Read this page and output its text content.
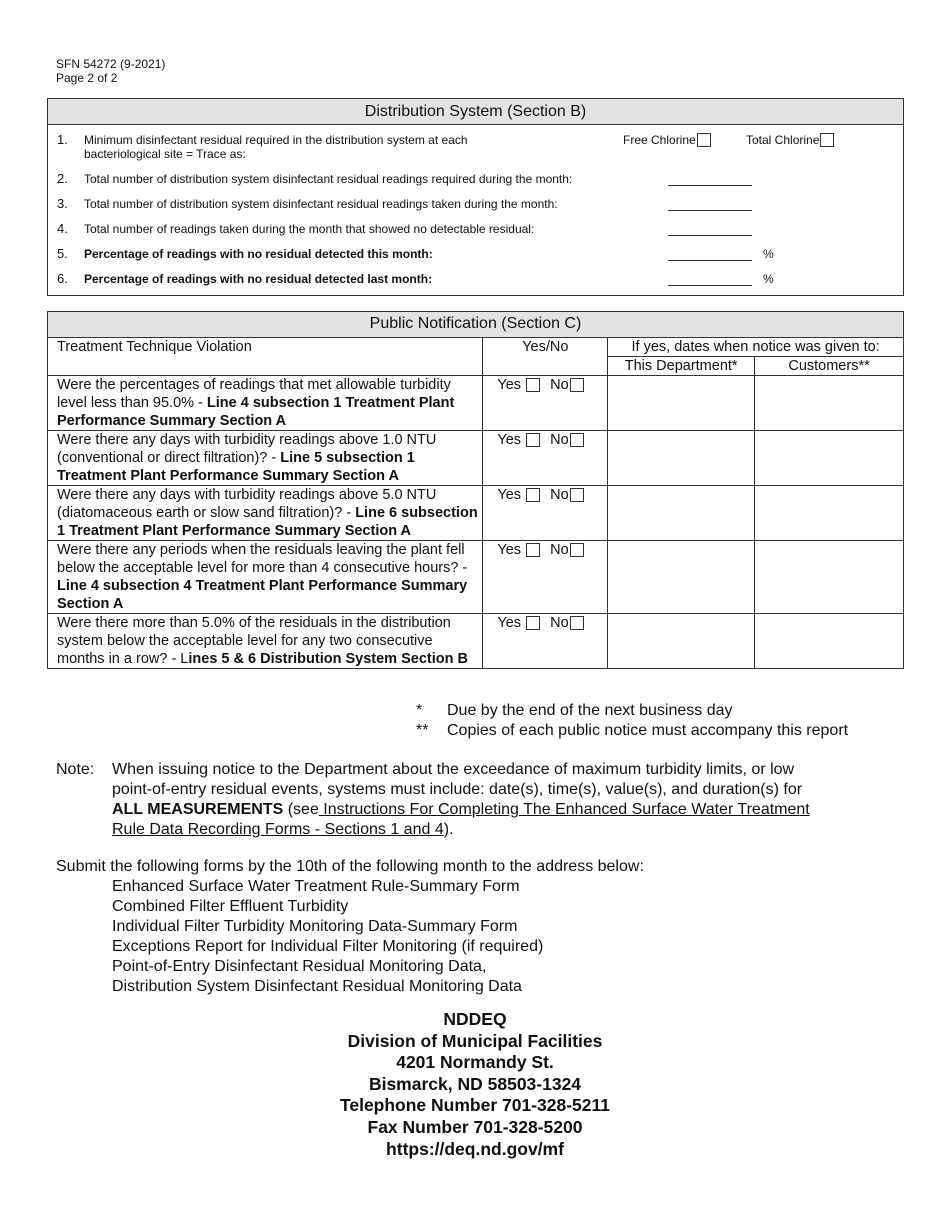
SFN 54272 (9-2021)
Page 2 of 2
Distribution System (Section B)
1. Minimum disinfectant residual required in the distribution system at each bacteriological site = Trace as:
Free Chlorine	Total Chlorine
2. Total number of distribution system disinfectant residual readings required during the month:
3. Total number of distribution system disinfectant residual readings taken during the month:
4. Total number of readings taken during the month that showed no detectable residual:
5. Percentage of readings with no residual detected this month:	%
6. Percentage of readings with no residual detected last month:	%
Public Notification (Section C)			
Treatment Technique Violation	Yes/No	If yes, dates when notice was given to:	
		This Department*	Customers**
Were the percentages of readings that met allowable turbidity level less than 95.0% - Line 4 subsection 1 Treatment Plant Performance Summary Section A	Yes No		
Were there any days with turbidity readings above 1.0 NTU (conventional or direct filtration)? - Line 5 subsection 1 Treatment Plant Performance Summary Section A	Yes No		
Were there any days with turbidity readings above 5.0 NTU (diatomaceous earth or slow sand filtration)? - Line 6 subsection 1 Treatment Plant Performance Summary Section A	Yes No		
Were there any periods when the residuals leaving the plant fell below the acceptable level for more than 4 consecutive hours? - Line 4 subsection 4 Treatment Plant Performance Summary Section A	Yes No		
Were there more than 5.0% of the residuals in the distribution system below the acceptable level for any two consecutive months in a row? - Lines 5 & 6 Distribution System Section B	Yes No		
* Due by the end of the next business day
** Copies of each public notice must accompany this report
Note: When issuing notice to the Department about the exceedance of maximum turbidity limits, or low point-of-entry residual events, systems must include: date(s), time(s), value(s), and duration(s) for ALL MEASUREMENTS (see Instructions For Completing The Enhanced Surface Water Treatment Rule Data Recording Forms - Sections 1 and 4).
Submit the following forms by the 10th of the following month to the address below:
Enhanced Surface Water Treatment Rule-Summary Form
Combined Filter Effluent Turbidity
Individual Filter Turbidity Monitoring Data-Summary Form
Exceptions Report for Individual Filter Monitoring (if required)
Point-of-Entry Disinfectant Residual Monitoring Data,
Distribution System Disinfectant Residual Monitoring Data
NDDEQ
Division of Municipal Facilities
4201 Normandy St.
Bismarck, ND 58503-1324
Telephone Number 701-328-5211
Fax Number 701-328-5200
https://deq.nd.gov/mf
